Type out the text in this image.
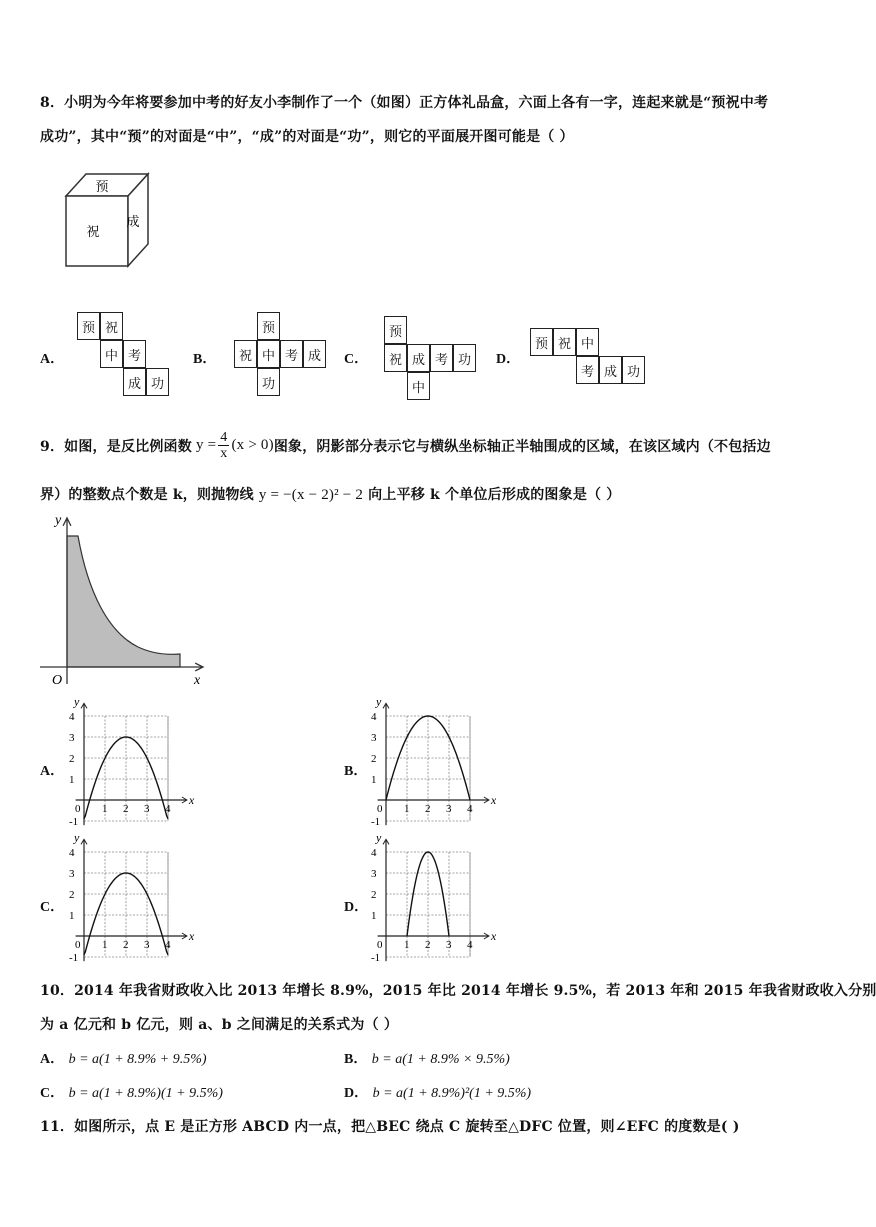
8．小明为今年将要参加中考的好友小李制作了一个（如图）正方体礼品盒，六面上各有一字，连起来就是“预祝中考
成功”，其中“预”的对面是“中”，“成”的对面是“功”，则它的平面展开图可能是（ ）
预
祝
成
A．
预 祝
中 考
成 功
B．
预
祝 中 考 成
功
C．
预
祝 成 考 功
中
D．
预 祝 中
考 成 功
9．如图，是反比例函数 $y = \frac{4}{x} (x > 0)$ 图象，阴影部分表示它与横纵坐标轴正半轴围成的区域，在该区域内（不包括边
界）的整数点个数是 k，则抛物线 y = −(x − 2)² − 2 向上平移 k 个单位后形成的图象是（ ）
y
x
O
A．
0 1 2 3 4
4
3
2
1
-1
x
y
B．
0 1 2 3 4
4
3
2
1
-1
x
y
C．
0 1 2 3 4
4
3
2
1
-1
x
y
D．
0 1 2 3 4
4
3
2
1
-1
x
y
10．2014 年我省财政收入比 2013 年增长 8.9%，2015 年比 2014 年增长 9.5%，若 2013 年和 2015 年我省财政收入分别
为 a 亿元和 b 亿元，则 a、b 之间满足的关系式为（ ）
A． b = a(1 + 8.9% + 9.5%)	B． b = a(1 + 8.9% × 9.5%)
C． b = a(1 + 8.9%)(1 + 9.5%)	D． b = a(1 + 8.9%)²(1 + 9.5%)
11．如图所示，点 E 是正方形 ABCD 内一点，把△BEC 绕点 C 旋转至△DFC 位置，则∠EFC 的度数是( )
